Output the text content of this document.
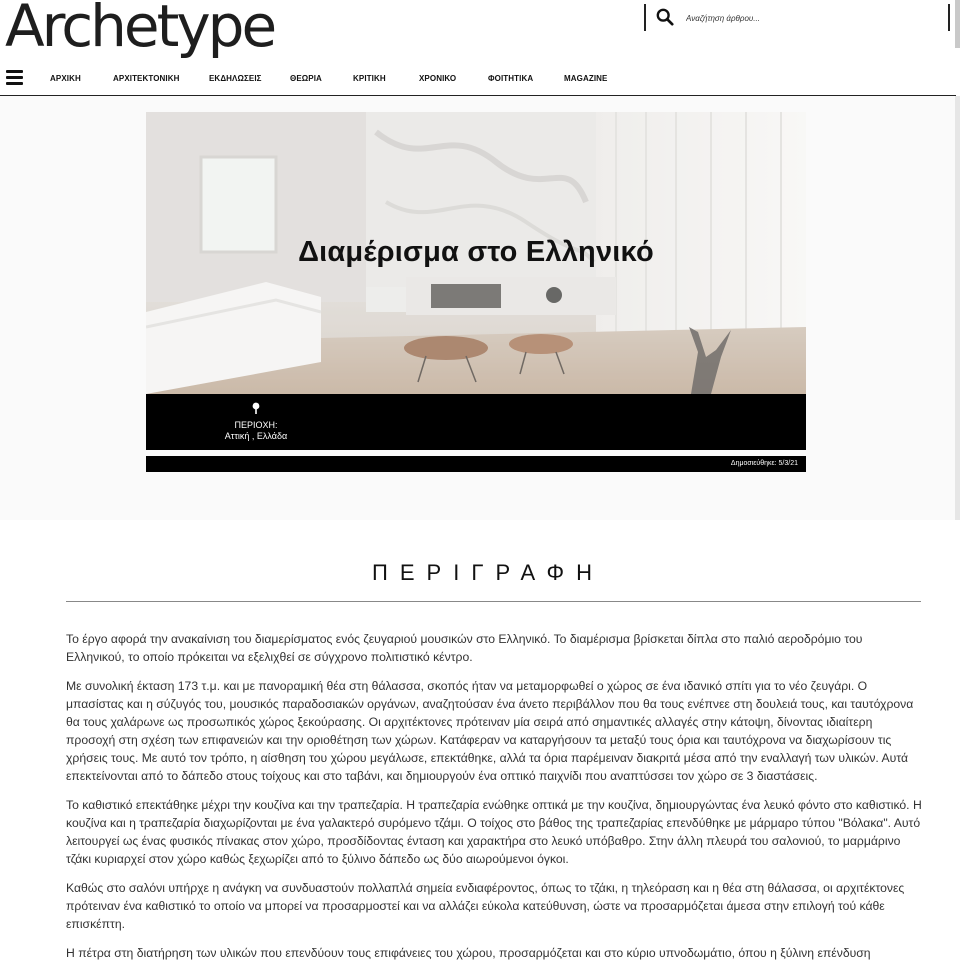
Archetype
Αναζήτηση άρθρου...
ΑΡΧΙΚΗ	ΑΡΧΙΤΕΚΤΟΝΙΚΗ	ΕΚΔΗΛΩΣΕΙΣ	ΘΕΩΡΙΑ	ΚΡΙΤΙΚΗ	ΧΡΟΝΙΚΟ	ΦΟΙΤΗΤΙΚΑ	MAGAZINE
Διαμέρισμα στο Ελληνικό
ΠΕΡΙΟΧΗ:
Αττική , Ελλάδα
Δημοσιεύθηκε: 5/3/21
ΠΕΡΙΓΡΑΦΗ

Το έργο αφορά την ανακαίνιση του διαμερίσματος ενός ζευγαριού μουσικών στο Ελληνικό. Το διαμέρισμα βρίσκεται δίπλα στο παλιό αεροδρόμιο του Ελληνικού, το οποίο πρόκειται να εξελιχθεί σε σύγχρονο πολιτιστικό κέντρο.

Με συνολική έκταση 173 τ.μ. και με πανοραμική θέα στη θάλασσα, σκοπός ήταν να μεταμορφωθεί ο χώρος σε ένα ιδανικό σπίτι για το νέο ζευγάρι. Ο μπασίστας και η σύζυγός του, μουσικός παραδοσιακών οργάνων, αναζητούσαν ένα άνετο περιβάλλον που θα τους ενέπνεε στη δουλειά τους, και ταυτόχρονα θα τους χαλάρωνε ως προσωπικός χώρος ξεκούρασης. Οι αρχιτέκτονες πρότειναν μία σειρά από σημαντικές αλλαγές στην κάτοψη, δίνοντας ιδιαίτερη προσοχή στη σχέση των επιφανειών και την οριοθέτηση των χώρων. Κατάφεραν να καταργήσουν τα μεταξύ τους όρια και ταυτόχρονα να διαχωρίσουν τις χρήσεις τους. Με αυτό τον τρόπο, η αίσθηση του χώρου μεγάλωσε, επεκτάθηκε, αλλά τα όρια παρέμειναν διακριτά μέσα από την εναλλαγή των υλικών. Αυτά επεκτείνονται από το δάπεδο στους τοίχους και στο ταβάνι, και δημιουργούν ένα οπτικό παιχνίδι που αναπτύσσει τον χώρο σε 3 διαστάσεις.

Το καθιστικό επεκτάθηκε μέχρι την κουζίνα και την τραπεζαρία. Η τραπεζαρία ενώθηκε οπτικά με την κουζίνα, δημιουργώντας ένα λευκό φόντο στο καθιστικό. Η κουζίνα και η τραπεζαρία διαχωρίζονται με ένα γαλακτερό συρόμενο τζάμι. Ο τοίχος στο βάθος της τραπεζαρίας επενδύθηκε με μάρμαρο τύπου "Βόλακα". Αυτό λειτουργεί ως ένας φυσικός πίνακας στον χώρο, προσδίδοντας ένταση και χαρακτήρα στο λευκό υπόβαθρο. Στην άλλη πλευρά του σαλονιού, το μαρμάρινο τζάκι κυριαρχεί στον χώρο καθώς ξεχωρίζει από το ξύλινο δάπεδο ως δύο αιωρούμενοι όγκοι.

Καθώς στο σαλόνι υπήρχε η ανάγκη να συνδυαστούν πολλαπλά σημεία ενδιαφέροντος, όπως το τζάκι, η τηλεόραση και η θέα στη θάλασσα, οι αρχιτέκτονες πρότειναν ένα καθιστικό το οποίο να μπορεί να προσαρμοστεί και να αλλάζει εύκολα κατεύθυνση, ώστε να προσαρμόζεται άμεσα στην επιλογή τού κάθε επισκέπτη.

Η πέτρα στη διατήρηση των υλικών που επενδύουν τους επιφάνειες του χώρου, προσαρμόζεται και στο κύριο υπνοδωμάτιο, όπου η ξύλινη επένδυση
